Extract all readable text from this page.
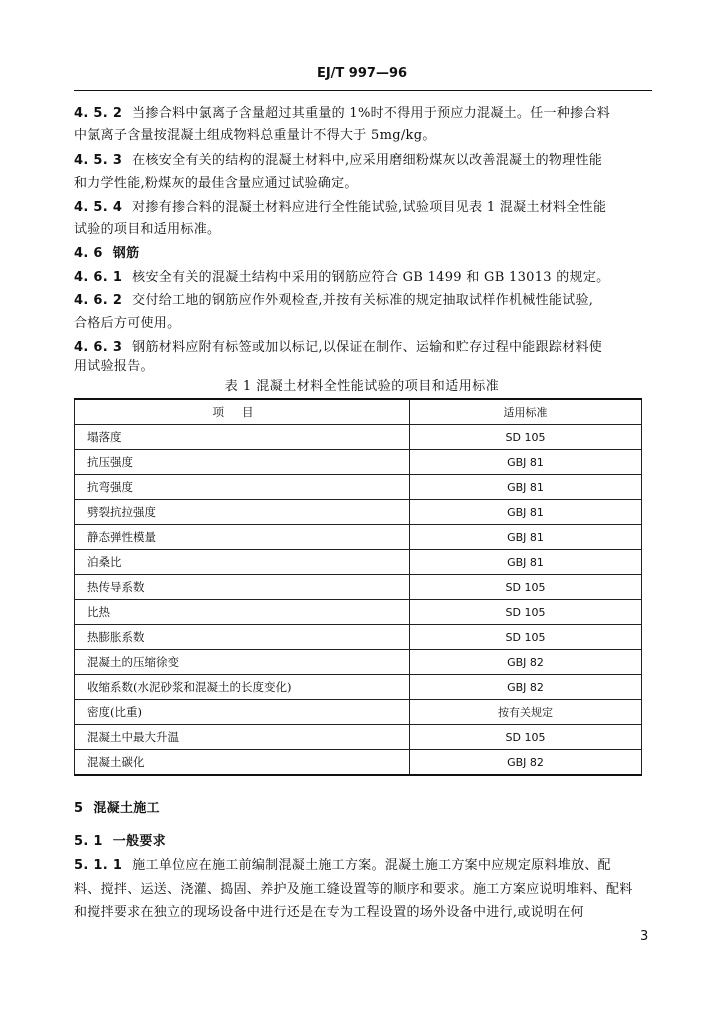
EJ/T 997—96
4. 5. 2 当掺合料中氯离子含量超过其重量的 1%时不得用于预应力混凝土。任一种掺合料
中氯离子含量按混凝土组成物料总重量计不得大于 5mg/kg。
4. 5. 3 在核安全有关的结构的混凝土材料中,应采用磨细粉煤灰以改善混凝土的物理性能
和力学性能,粉煤灰的最佳含量应通过试验确定。
4. 5. 4 对掺有掺合料的混凝土材料应进行全性能试验,试验项目见表 1 混凝土材料全性能
试验的项目和适用标准。
4. 6 钢筋
4. 6. 1 核安全有关的混凝土结构中采用的钢筋应符合 GB 1499 和 GB 13013 的规定。
4. 6. 2 交付给工地的钢筋应作外观检查,并按有关标准的规定抽取试样作机械性能试验,
合格后方可使用。
4. 6. 3 钢筋材料应附有标签或加以标记,以保证在制作、运输和贮存过程中能跟踪材料使
用试验报告。
表 1 混凝土材料全性能试验的项目和适用标准
项目	适用标准
塌落度	SD 105
抗压强度	GBJ 81
抗弯强度	GBJ 81
劈裂抗拉强度	GBJ 81
静态弹性模量	GBJ 81
泊桑比	GBJ 81
热传导系数	SD 105
比热	SD 105
热膨胀系数	SD 105
混凝土的压缩徐变	GBJ 82
收缩系数(水泥砂浆和混凝土的长度变化)	GBJ 82
密度(比重)	按有关规定
混凝土中最大升温	SD 105
混凝土碳化	GBJ 82
5 混凝土施工
5. 1 一般要求
5. 1. 1 施工单位应在施工前编制混凝土施工方案。混凝土施工方案中应规定原料堆放、配
料、搅拌、运送、浇灌、捣固、养护及施工缝设置等的顺序和要求。施工方案应说明堆料、配料
和搅拌要求在独立的现场设备中进行还是在专为工程设置的场外设备中进行,或说明在何
3
